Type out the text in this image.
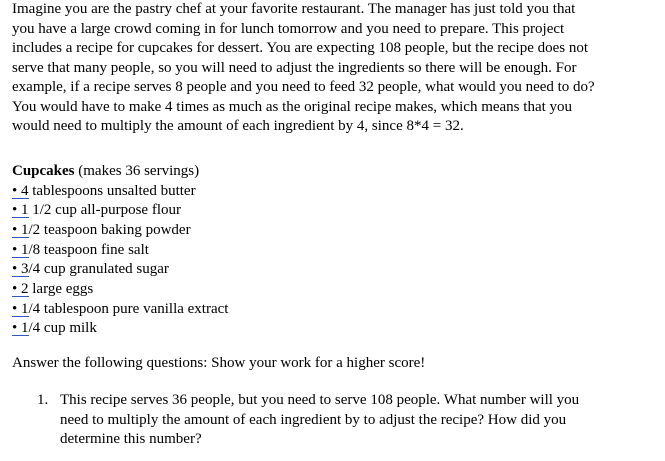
Imagine you are the pastry chef at your favorite restaurant. The manager has just told you that

you have a large crowd coming in for lunch tomorrow and you need to prepare. This project

includes a recipe for cupcakes for dessert. You are expecting 108 people, but the recipe does not

serve that many people, so you will need to adjust the ingredients so there will be enough. For

example, if a recipe serves 8 people and you need to feed 32 people, what would you need to do?

You would have to make 4 times as much as the original recipe makes, which means that you

would need to multiply the amount of each ingredient by 4, since 8*4 = 32.

Cupcakes (makes 36 servings)

• 4 tablespoons unsalted butter
• 1 1/2 cup all-purpose flour
• 1/2 teaspoon baking powder
• 1/8 teaspoon fine salt
• 3/4 cup granulated sugar
• 2 large eggs
• 1/4 tablespoon pure vanilla extract
• 1/4 cup milk

Answer the following questions: Show your work for a higher score!

1. This recipe serves 36 people, but you need to serve 108 people. What number will you
need to multiply the amount of each ingredient by to adjust the recipe? How did you
determine this number?
